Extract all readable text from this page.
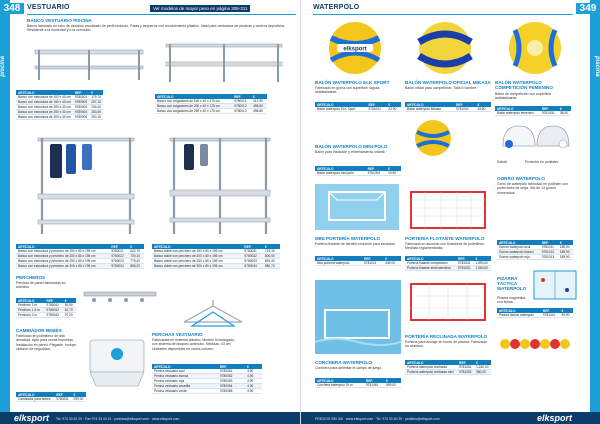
piscina
348 VESTUARIO	Ver modelos de mayor peso en página 308-311
BANCO VESTUARIO PISCINA
Banco fabricado en tubo de aluminio anodizado de perfil redondo. Patas y largueros con recubrimiento plástico. Ideal para vestuarios de piscinas y centros deportivos. Resistente a la humedad y a la corrosión.
ARTÍCULO	REF.	€
Banco con estructura de 100 x 40 cm	9780001	179,70
Banco con estructura de 150 x 40 cm	9780002	207,10
Banco con estructura de 200 x 40 cm	9780003	234,00
Banco con estructura de 250 x 40 cm	9780004	263,40
Banco con estructura de 300 x 40 cm	9780005	290,10
ARTÍCULO	REF.	€
Banco con colgadores de 150 x 40 x 175 cm	9780011	412,90
Banco con colgadores de 200 x 40 x 175 cm	9780012	455,60
Banco con colgadores de 250 x 40 x 175 cm	9780013	498,80
ARTÍCULO	REF.	€
Banco con estructura y perchero de 150 x 80 x 195 cm	9780021	622,70
Banco con estructura y perchero de 200 x 80 x 195 cm	9780022	700,10
Banco con estructura y perchero de 250 x 80 x 195 cm	9780023	778,40
Banco con estructura y perchero de 300 x 80 x 195 cm	9780024	856,20
ARTÍCULO	REF.	€
Banco doble con perchero de 150 x 80 x 195 cm	9780031	719,30
Banco doble con perchero de 200 x 80 x 195 cm	9780032	806,50
Banco doble con perchero de 250 x 80 x 195 cm	9780033	893,40
Banco doble con perchero de 300 x 80 x 195 cm	9780034	980,70
PERCHEROS
Perchas de pared fabricadas en aluminio.
ARTÍCULO	REF.	€
Perchero 1 m	9780041	69,50
Perchero 1,5 m	9780042	82,70
Perchero 2 m	9780043	97,20
CAMBIADOR BEBÉS
Fabricado en polietileno de alta densidad. Apto para zonas húmedas. Instalación en pared. Plegable. Incluye cinturón de seguridad.
ARTÍCULO	REF.	€
Cambiador para bebés	9780051	299,00
PERCHAS VESTUARIO
Fabricadas en material plástico. Modelo homologado, con sistema de bloqueo antirrobo. Medidas: 43 cm. Unidades disponibles en varios colores.
ARTÍCULO	REF.	€
Percha vestuario azul	9780061	4,90
Percha vestuario blanca	9780062	4,90
Percha vestuario roja	9780063	4,90
Percha vestuario amarilla	9780064	4,90
Percha vestuario verde	9780065	4,90
elksport Tel. 974 33 40 20 · Fax 974 33 40 21 · pedidos@elksport.com · www.elksport.com
piscina
349
WATERPOLO
elksport
BALÓN WATERPOLO ELK SPORT
Fabricado en goma con superficie rugosa antideslizante.
ARTÍCULO	REF.	€
Balón waterpolo ELK Sport	9781001	22,90
BALÓN WATERPOLO OFICIAL MIKASA
Balón oficial para competición. Talla 5 hombre.
ARTÍCULO	REF.	€
Balón waterpolo Mikasa	9781002	49,80
BALÓN WATERPOLO COMPETICIÓN FEMENINO
Balón de competición con superficie antideslizante.
ARTÍCULO	REF.	€
Balón waterpolo femenino	9781003	38,50
BALÓN WATERPOLO MINI-POLO
Balón para iniciación y entrenamiento infantil.
ARTÍCULO	REF.	€
Balón waterpolo mini-polo	9781004	19,90
Kobalt	Protector en poliéster
GORRO WATERPOLO
Gorro de waterpolo fabricado en poliéster con protectores de oreja. Set de 13 gorros numerados.
ARTÍCULO	REF.	€
Gorros waterpolo azul	9781011	189,90
Gorros waterpolo blanco	9781012	189,90
Gorros waterpolo rojo	9781013	189,90
MINI PORTERÍA WATERPOLO
Portería flotante de tamaño reducido para iniciación.
ARTÍCULO	REF.	€
Mini portería waterpolo	9781021	449,00
PORTERÍA FLOTANTE WATERPOLO
Fabricada en aluminio con flotadores de polietileno. Medidas reglamentarias.
ARTÍCULO	REF.	€
Portería flotante competición	9781031	1.890,00
Portería flotante entrenamiento	9781032	1.560,00
PIZARRA TÁCTICA WATERPOLO
Pizarra magnética con fichas.
ARTÍCULO	REF.	€
Pizarra táctica waterpolo	9781041	59,90
CORCHERA WATERPOLO
Corchera para delimitar el campo de juego.
ARTÍCULO	REF.	€
Corchera waterpolo 25 m	9781061	699,00
PORTERÍA RECLINADA WATERPOLO
Portería para anclaje en borde de piscina. Fabricada en aluminio.
ARTÍCULO	REF.	€
Portería waterpolo reclinada	9781051	1.240,00
Portería waterpolo reclinada mini	9781052	980,00
PRECIOS SIN IVA · www.elksport.com · Tel. 974 33 40 20 · pedidos@elksport.com	elksport
